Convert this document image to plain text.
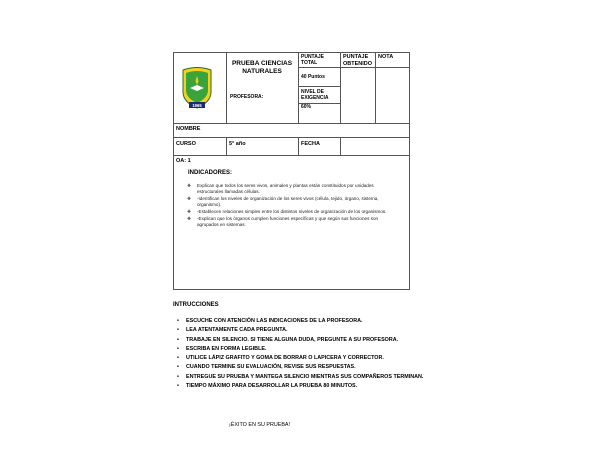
1965
PRUEBA CIENCIAS NATURALES
PROFESORA:
PUNTAJE TOTAL
40 Puntos
NIVEL DE EXIGENCIA
60%
PUNTAJE OBTENIDO
NOTA
NOMBRE
CURSO	5° año	FECHA
OA: 1
INDICADORES:
❖ Explican que todos los seres vivos, animales y plantas están constituidos por unidades
estructurales llamadas células.
❖ -Identifican los niveles de organización de los seres vivos (célula, tejido, órgano, sistema,
organismo).
❖ -Establecen relaciones simples entre los distintos niveles de organización de los organismos.
❖ -Explican que los órganos cumplen funciones específicas y que según sus funciones son
agrupados en sistemas.
INTRUCCIONES
• ESCUCHE CON ATENCIÓN LAS INDICACIONES DE LA PROFESORA.
• LEA ATENTAMENTE CADA PREGUNTA.
• TRABAJE EN SILENCIO. SI TIENE ALGUNA DUDA, PREGUNTE A SU PROFESORA.
• ESCRIBA EN FORMA LEGIBLE.
• UTILICE LÁPIZ GRAFITO Y GOMA DE BORRAR O LAPICERA Y CORRECTOR.
• CUANDO TERMINE SU EVALUACIÓN, REVISE SUS RESPUESTAS.
• ENTREGUE SU PRUEBA Y MANTEGA SILENCIO MIENTRAS SUS COMPAÑEROS TERMINAN.
• TIEMPO MÁXIMO PARA DESARROLLAR LA PRUEBA 80 MINUTOS.
¡ÉXITO EN SU PRUEBA!
